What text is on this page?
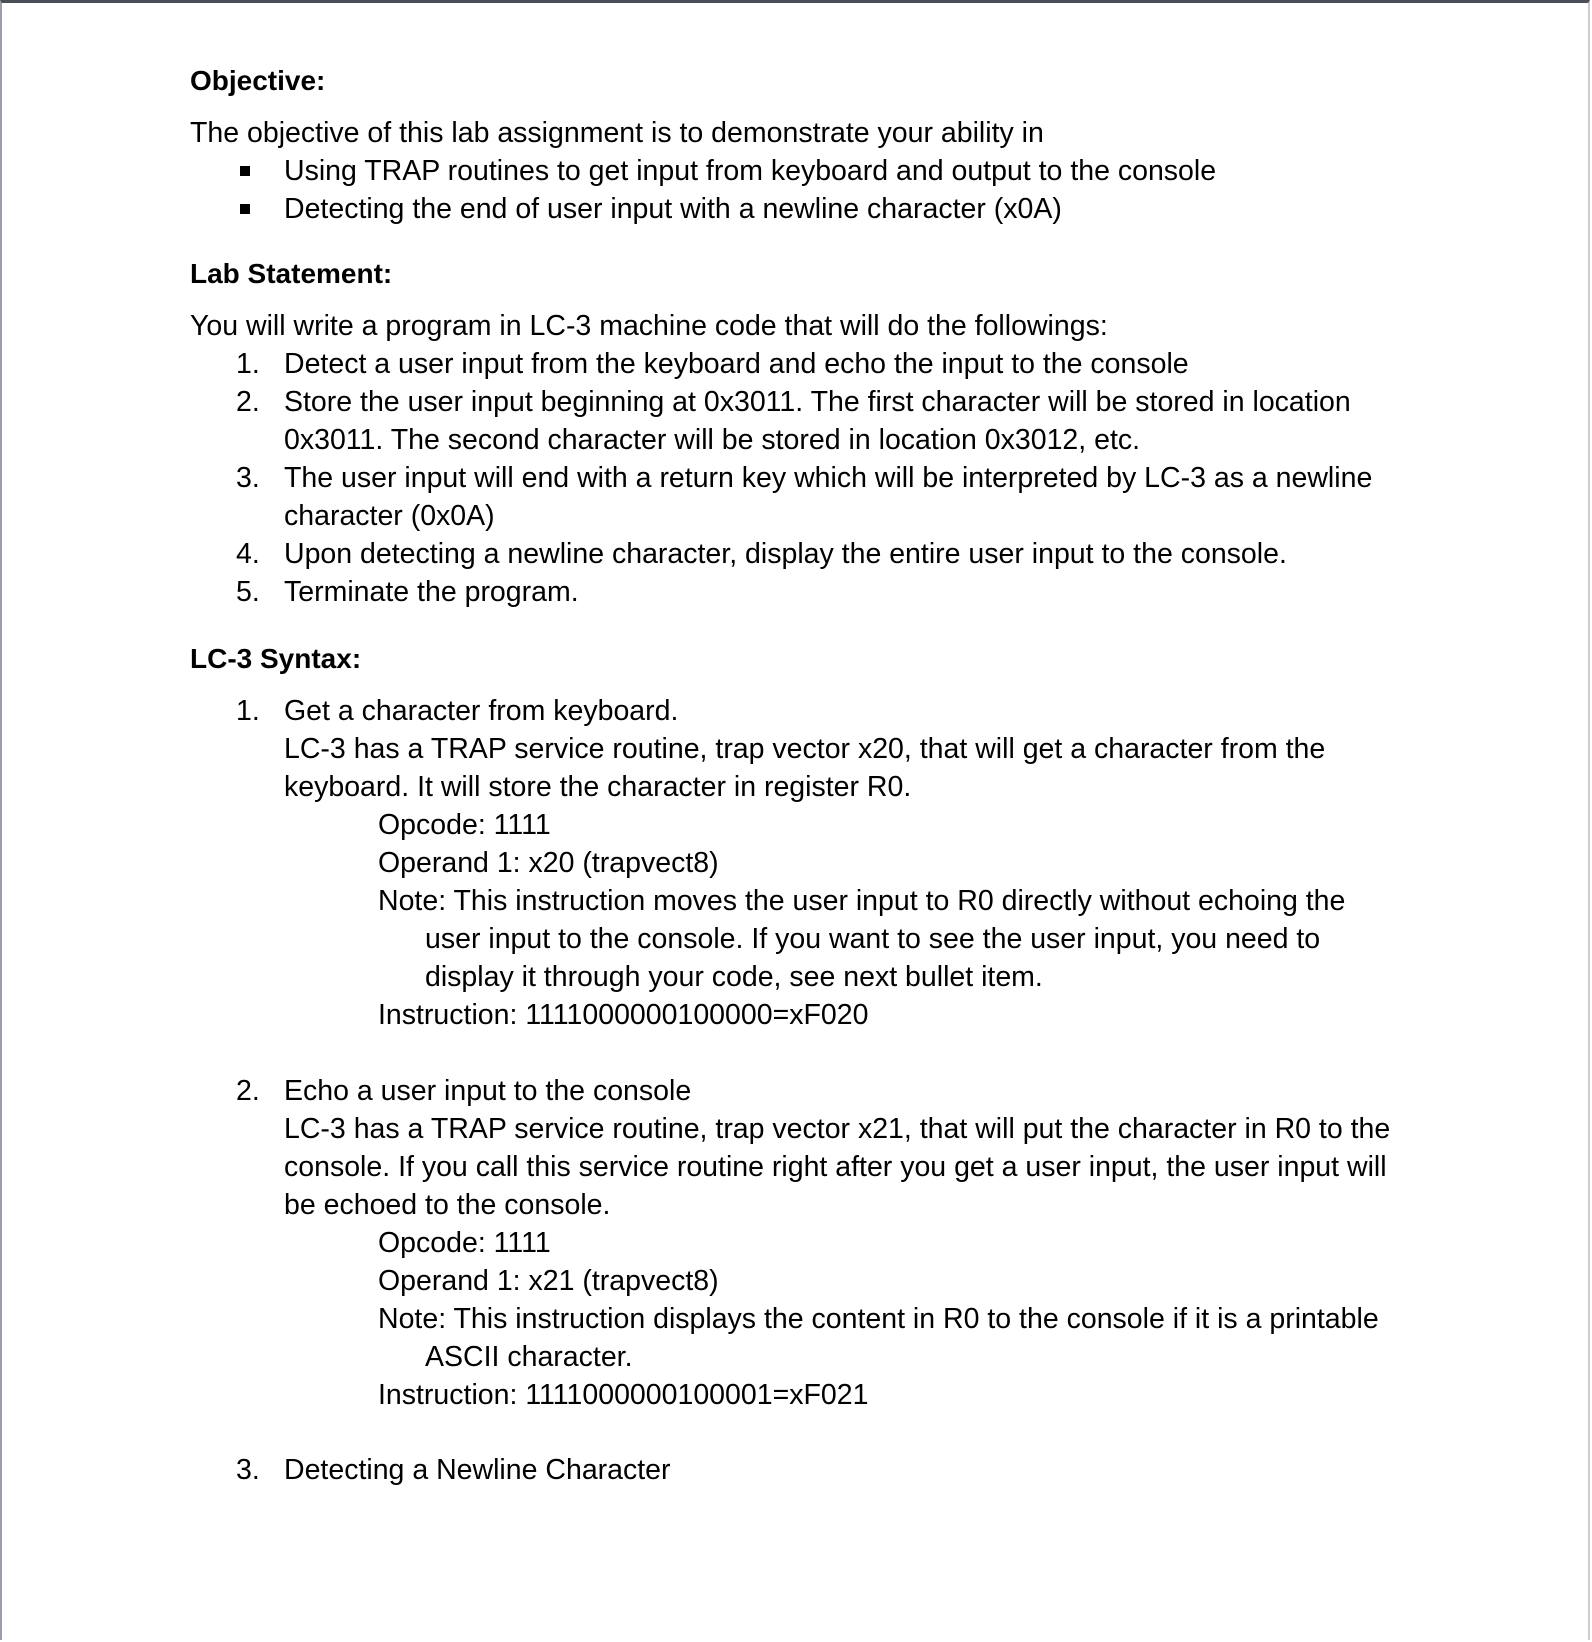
Objective:

The objective of this lab assignment is to demonstrate your ability in

Using TRAP routines to get input from keyboard and output to the console
Detecting the end of user input with a newline character (x0A)

Lab Statement:

You will write a program in LC-3 machine code that will do the followings:

1. Detect a user input from the keyboard and echo the input to the console
2. Store the user input beginning at 0x3011. The first character will be stored in location
0x3011. The second character will be stored in location 0x3012, etc.
3. The user input will end with a return key which will be interpreted by LC-3 as a newline
character (0x0A)
4. Upon detecting a newline character, display the entire user input to the console.
5. Terminate the program.

LC-3 Syntax:

1. Get a character from keyboard.
LC-3 has a TRAP service routine, trap vector x20, that will get a character from the
keyboard. It will store the character in register R0.
Opcode: 1111
Operand 1: x20 (trapvect8)
Note: This instruction moves the user input to R0 directly without echoing the
user input to the console. If you want to see the user input, you need to
display it through your code, see next bullet item.
Instruction: 1111000000100000=xF020
2. Echo a user input to the console
LC-3 has a TRAP service routine, trap vector x21, that will put the character in R0 to the
console. If you call this service routine right after you get a user input, the user input will
be echoed to the console.
Opcode: 1111
Operand 1: x21 (trapvect8)
Note: This instruction displays the content in R0 to the console if it is a printable
ASCII character.
Instruction: 1111000000100001=xF021
3. Detecting a Newline Character
